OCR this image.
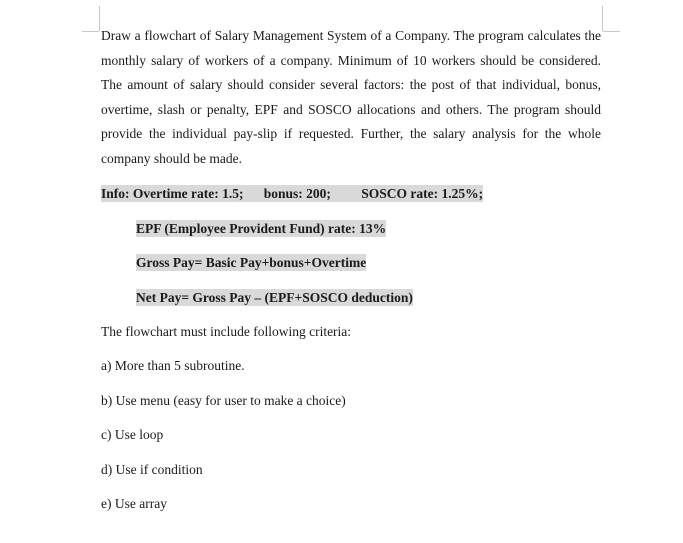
Draw a flowchart of Salary Management System of a Company. The program calculates the monthly salary of workers of a company. Minimum of 10 workers should be considered. The amount of salary should consider several factors: the post of that individual, bonus, overtime, slash or penalty, EPF and SOSCO allocations and others. The program should provide the individual pay-slip if requested. Further, the salary analysis for the whole company should be made.
Info: Overtime rate: 1.5; bonus: 200; SOSCO rate: 1.25%;
EPF (Employee Provident Fund) rate: 13%
Gross Pay= Basic Pay+bonus+Overtime
Net Pay= Gross Pay – (EPF+SOSCO deduction)
The flowchart must include following criteria:
a) More than 5 subroutine.
b) Use menu (easy for user to make a choice)
c) Use loop
d) Use if condition
e) Use array
